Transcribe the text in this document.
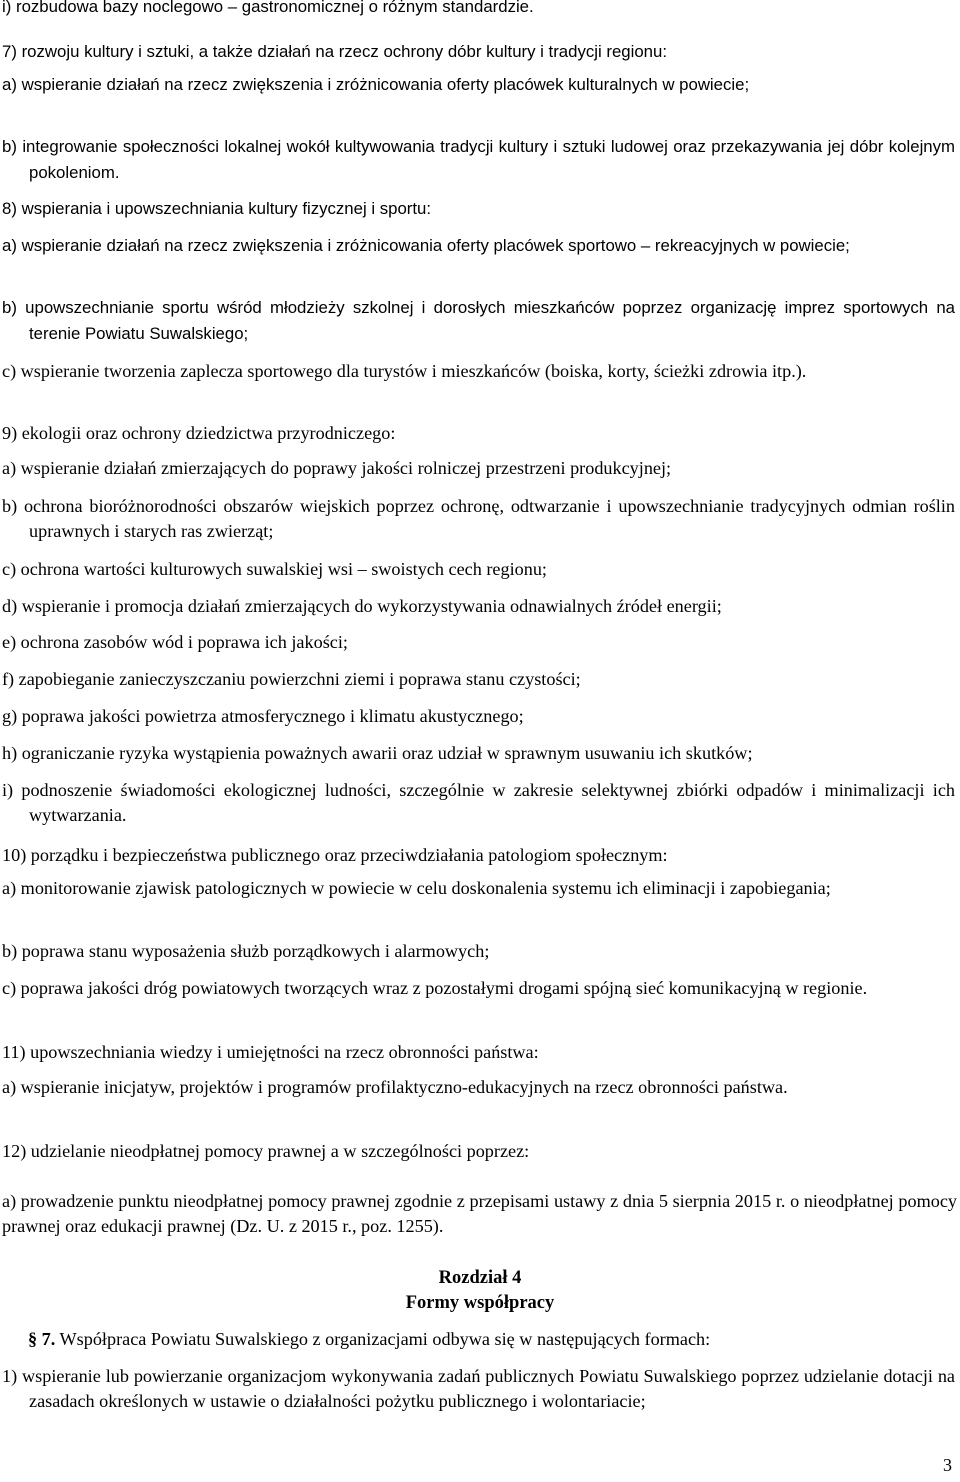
i) rozbudowa bazy noclegowo – gastronomicznej o różnym standardzie.

7) rozwoju kultury i sztuki, a także działań na rzecz ochrony dóbr kultury i tradycji regionu:

a) wspieranie działań na rzecz zwiększenia i zróżnicowania oferty placówek kulturalnych w powiecie;

b) integrowanie społeczności lokalnej wokół kultywowania tradycji kultury i sztuki ludowej oraz przekazywania jej dóbr kolejnym pokoleniom.

8) wspierania i upowszechniania kultury fizycznej i sportu:

a) wspieranie działań na rzecz zwiększenia i zróżnicowania oferty placówek sportowo – rekreacyjnych w powiecie;

b) upowszechnianie sportu wśród młodzieży szkolnej i dorosłych mieszkańców poprzez organizację imprez sportowych na terenie Powiatu Suwalskiego;

c) wspieranie tworzenia zaplecza sportowego dla turystów i mieszkańców (boiska, korty, ścieżki zdrowia itp.).

9) ekologii oraz ochrony dziedzictwa przyrodniczego:

a) wspieranie działań zmierzających do poprawy jakości rolniczej przestrzeni produkcyjnej;

b) ochrona bioróżnorodności obszarów wiejskich poprzez ochronę, odtwarzanie i upowszechnianie tradycyjnych odmian roślin uprawnych i starych ras zwierząt;

c) ochrona wartości kulturowych suwalskiej wsi – swoistych cech regionu;

d) wspieranie i promocja działań zmierzających do wykorzystywania odnawialnych źródeł energii;

e) ochrona zasobów wód i poprawa ich jakości;

f) zapobieganie zanieczyszczaniu powierzchni ziemi i poprawa stanu czystości;

g) poprawa jakości powietrza atmosferycznego i klimatu akustycznego;

h) ograniczanie ryzyka wystąpienia poważnych awarii oraz udział w sprawnym usuwaniu ich skutków;

i) podnoszenie świadomości ekologicznej ludności, szczególnie w zakresie selektywnej zbiórki odpadów i minimalizacji ich wytwarzania.

10) porządku i bezpieczeństwa publicznego oraz przeciwdziałania patologiom społecznym:

a) monitorowanie zjawisk patologicznych w powiecie w celu doskonalenia systemu ich eliminacji i zapobiegania;

b) poprawa stanu wyposażenia służb porządkowych i alarmowych;

c) poprawa jakości dróg powiatowych tworzących wraz z pozostałymi drogami spójną sieć komunikacyjną w regionie.

11) upowszechniania wiedzy i umiejętności na rzecz obronności państwa:

a) wspieranie inicjatyw, projektów i programów profilaktyczno-edukacyjnych na rzecz obronności państwa.

12) udzielanie nieodpłatnej pomocy prawnej a w szczególności poprzez:

a) prowadzenie punktu nieodpłatnej pomocy prawnej zgodnie z przepisami ustawy z dnia 5 sierpnia 2015 r. o nieodpłatnej pomocy prawnej oraz edukacji prawnej (Dz. U. z 2015 r., poz. 1255).

Rozdział 4
Formy współpracy

§ 7. Współpraca Powiatu Suwalskiego z organizacjami odbywa się w następujących formach:

1) wspieranie lub powierzanie organizacjom wykonywania zadań publicznych Powiatu Suwalskiego poprzez udzielanie dotacji na zasadach określonych w ustawie o działalności pożytku publicznego i wolontariacie;

3
